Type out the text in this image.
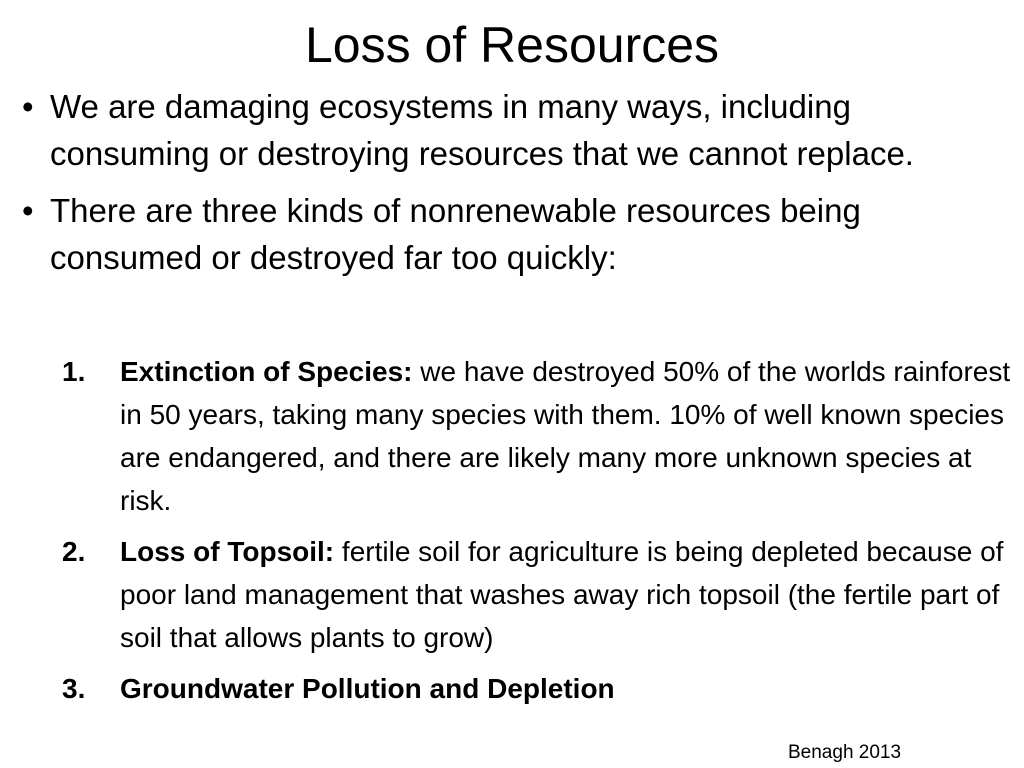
Loss of Resources
• We are damaging ecosystems in many ways, including consuming or destroying resources that we cannot replace.
• There are three kinds of nonrenewable resources being consumed or destroyed far too quickly:
1. Extinction of Species: we have destroyed 50% of the worlds rainforest in 50 years, taking many species with them. 10% of well known species are endangered, and there are likely many more unknown species at risk.
2. Loss of Topsoil: fertile soil for agriculture is being depleted because of poor land management that washes away rich topsoil (the fertile part of soil that allows plants to grow)
3. Groundwater Pollution and Depletion
Benagh 2013
